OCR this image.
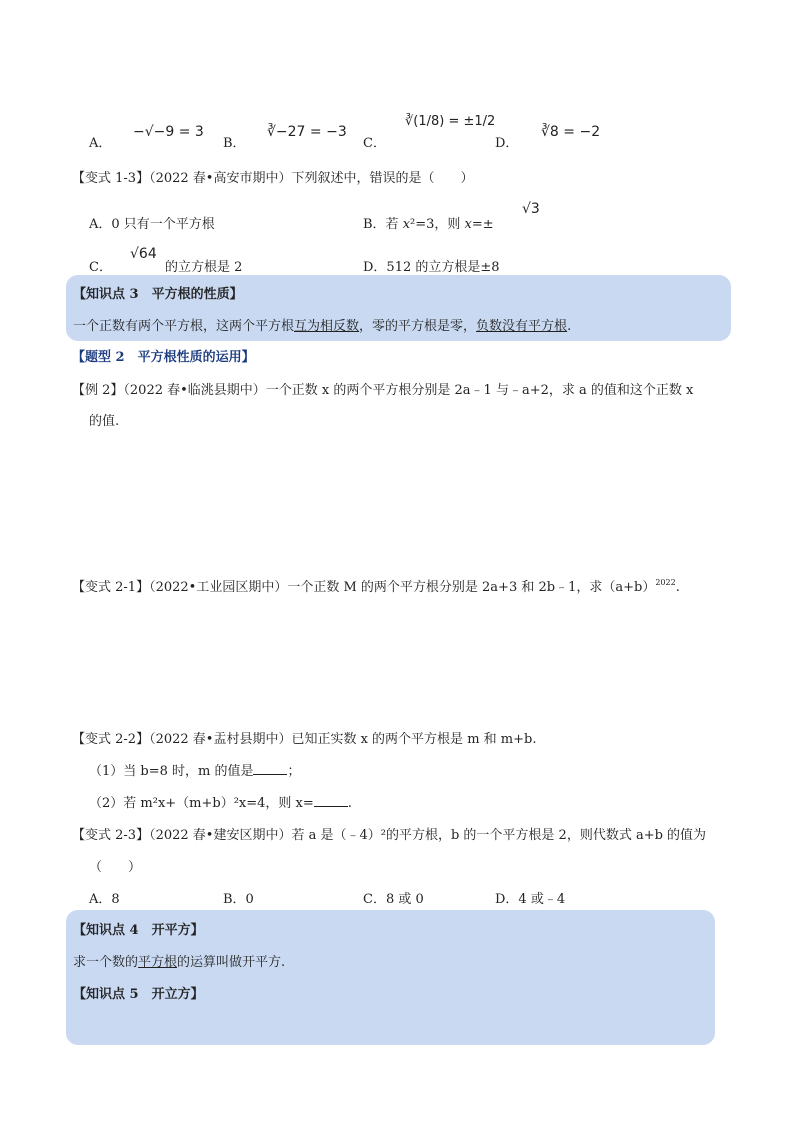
A．
−√−9 = 3
B．
∛−27 = −3
C．
∛(1/8) = ±1/2
D．
∛8 = −2
【变式 1-3】（2022 春•高安市期中）下列叙述中，错误的是（　　）
A．0 只有一个平方根	B．若 x²=3，则 x=±
√3
C．
√64
的立方根是 2	D．512 的立方根是±8
【知识点 3　平方根的性质】
一个正数有两个平方根，这两个平方根互为相反数，零的平方根是零，负数没有平方根.
【题型 2　平方根性质的运用】
【例 2】（2022 春•临洮县期中）一个正数 x 的两个平方根分别是 2a﹣1 与﹣a+2，求 a 的值和这个正数 x
的值.
【变式 2-1】（2022•工业园区期中）一个正数 M 的两个平方根分别是 2a+3 和 2b﹣1，求$(a+b)^{2022}$.
【变式 2-2】（2022 春•盂村县期中）已知正实数 x 的两个平方根是 m 和 m+b.
（1）当 b=8 时，m 的值是	；
（2）若 m²x+（m+b）²x=4，则 x=	.
【变式 2-3】（2022 春•建安区期中）若 a 是（﹣4）²的平方根，b 的一个平方根是 2，则代数式 a+b 的值为
（　　）
A．8	B．0	C．8 或 0	D．4 或﹣4
【知识点 4　开平方】
求一个数的平方根的运算叫做开平方.
【知识点 5　开立方】
